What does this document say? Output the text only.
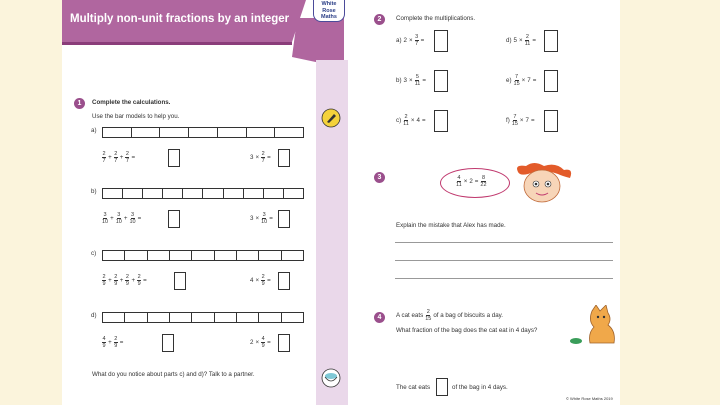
Multiply non-unit fractions by an integer
White
Rose
Maths
1	Complete the calculations.
Use the bar models to help you.
a)
2
$7 + \frac{2}{7} + \frac{2}{7}$ =	$3 \times \frac{2}{7}$ =
b)
3
$10 + \frac{3}{10} + \frac{3}{10}$ =	$3 \times \frac{3}{10}$ =
c)
2
$9 + \frac{2}{9} + \frac{2}{9} + \frac{2}{9}$ =	$4 \times \frac{2}{9}$ =
d)
4
$9 + \frac{2}{9}$ =	$2 \times \frac{4}{9}$ =
What do you notice about parts c) and d)? Talk to a partner.
2	Complete the multiplications.
a) $2 \times \frac{3}{7}$ =	d) $5 \times \frac{2}{11}$ =
b) $3 \times \frac{5}{11}$ =	$e) \frac{7}{15} \times 7$ =
$c) \frac{2}{11} \times 4$ =	$f) \frac{7}{15} \times 7$ =
3	$\frac{4}{11} \times 2 = \frac{8}{22}$
Explain the mistake that Alex has made.
4	A cat eats 2
15 of a bag of biscuits a day.
What fraction of the bag does the cat eat in 4 days?
The cat eats	of the bag in 4 days.
© White Rose Maths 2019
